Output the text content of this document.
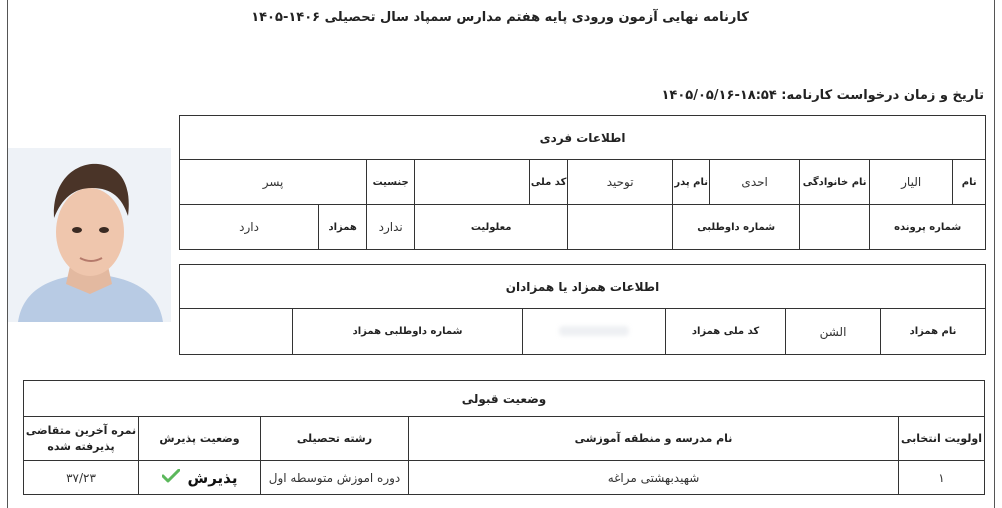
کارنامه نهایی آزمون ورودی پایه هفتم مدارس سمپاد سال تحصیلی ۱۴۰۶-۱۴۰۵
تاریخ و زمان درخواست کارنامه: ۱۸:۵۴-۱۴۰۵/۰۵/۱۶
اطلاعات فردی										
نام	الیار	نام خانوادگی	احدی	نام پدر	توحید	کد ملی		جنسیت	پسر	
شماره پرونده			شماره داوطلبی			معلولیت		ندارد	همزاد	دارد
اطلاعات همزاد یا همزادان
نام همزاد	الشن	کد ملی همزاد		شماره داوطلبی همزاد	
وضعیت قبولی				
اولویت انتخابی	نام مدرسه و منطقه آموزشی	رشته تحصیلی	وضعیت پذیرش	نمره آخرین متقاضی پذیرفته شده
۱	شهیدبهشتی مراغه	دوره اموزش متوسطه اول	پذیرش	۳۷/۲۳
